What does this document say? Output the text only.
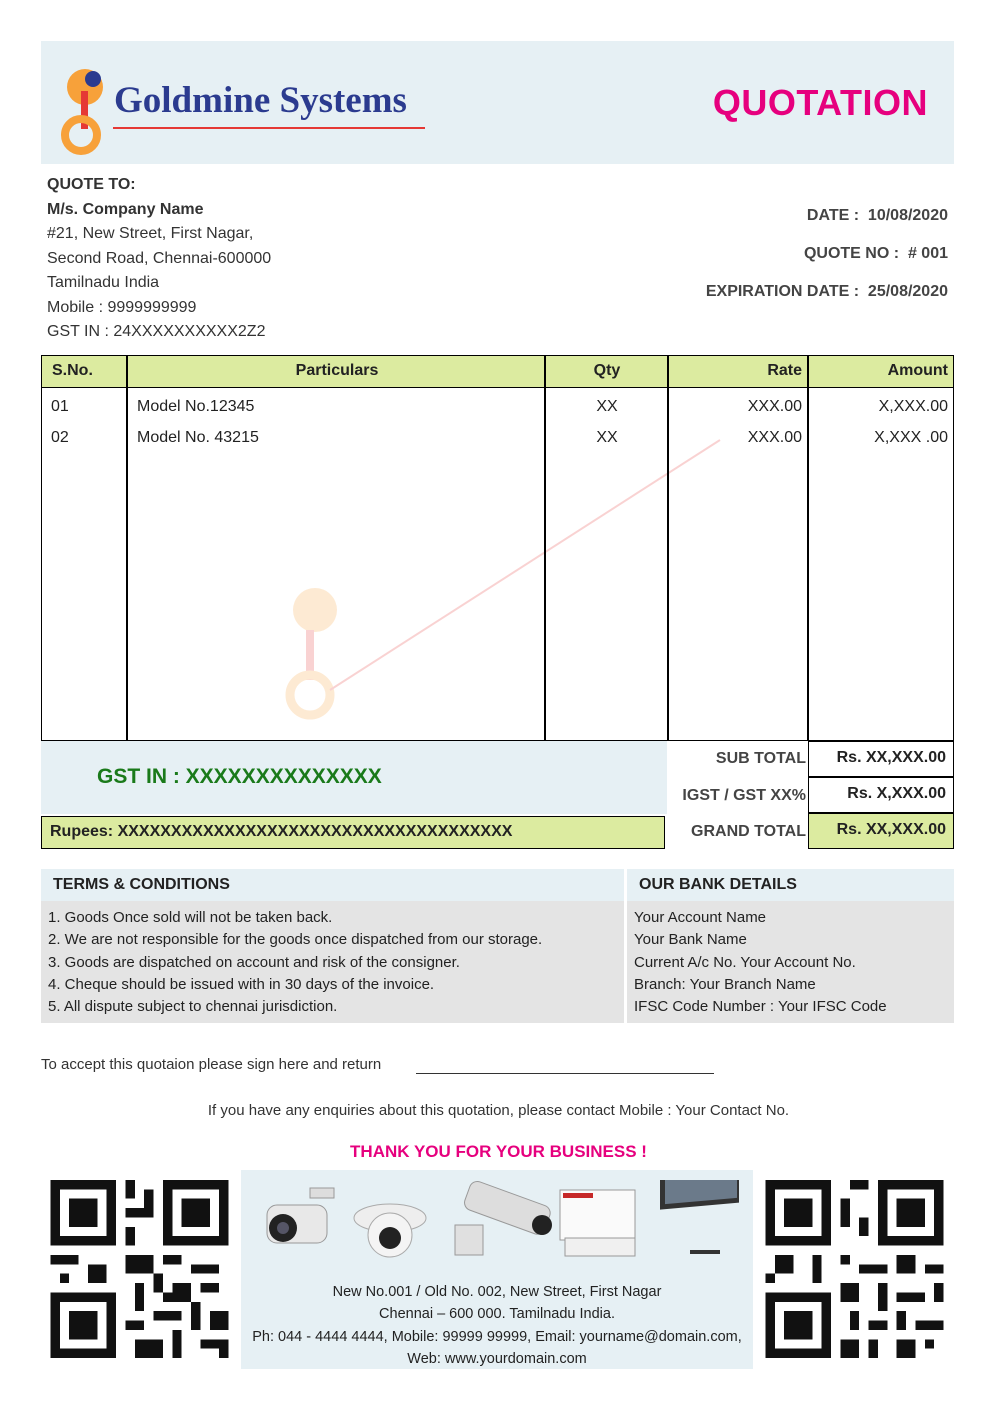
Goldmine Systems	QUOTATION
QUOTE TO:
M/s. Company Name
#21, New Street, First Nagar,
Second Road, Chennai-600000
Tamilnadu India
Mobile : 9999999999
GST IN : 24XXXXXXXXXX2Z2
DATE : 10/08/2020
QUOTE NO : # 001
EXPIRATION DATE : 25/08/2020
S.No.	Particulars	Qty	Rate	Amount
01	Model No.12345	XX	XXX.00	X,XXX.00
02	Model No. 43215	XX	XXX.00	X,XXX .00
GST IN : XXXXXXXXXXXXXX
Rupees: XXXXXXXXXXXXXXXXXXXXXXXXXXXXXXXXXXXXX
SUB TOTAL	Rs. XX,XXX.00
IGST / GST XX%	Rs. X,XXX.00
GRAND TOTAL	Rs. XX,XXX.00
TERMS & CONDITIONS	OUR BANK DETAILS
1. Goods Once sold will not be taken back.
2. We are not responsible for the goods once dispatched from our storage.
3. Goods are dispatched on account and risk of the consigner.
4. Cheque should be issued with in 30 days of the invoice.
5. All dispute subject to chennai jurisdiction.
Your Account Name
Your Bank Name
Current A/c No. Your Account No.
Branch: Your Branch Name
IFSC Code Number : Your IFSC Code
To accept this quotaion please sign here and return
If you have any enquiries about this quotation, please contact Mobile : Your Contact No.
THANK YOU FOR YOUR BUSINESS !
New No.001 / Old No. 002, New Street, First Nagar
Chennai – 600 000. Tamilnadu India.
Ph: 044 - 4444 4444, Mobile: 99999 99999, Email: yourname@domain.com,
Web: www.yourdomain.com
